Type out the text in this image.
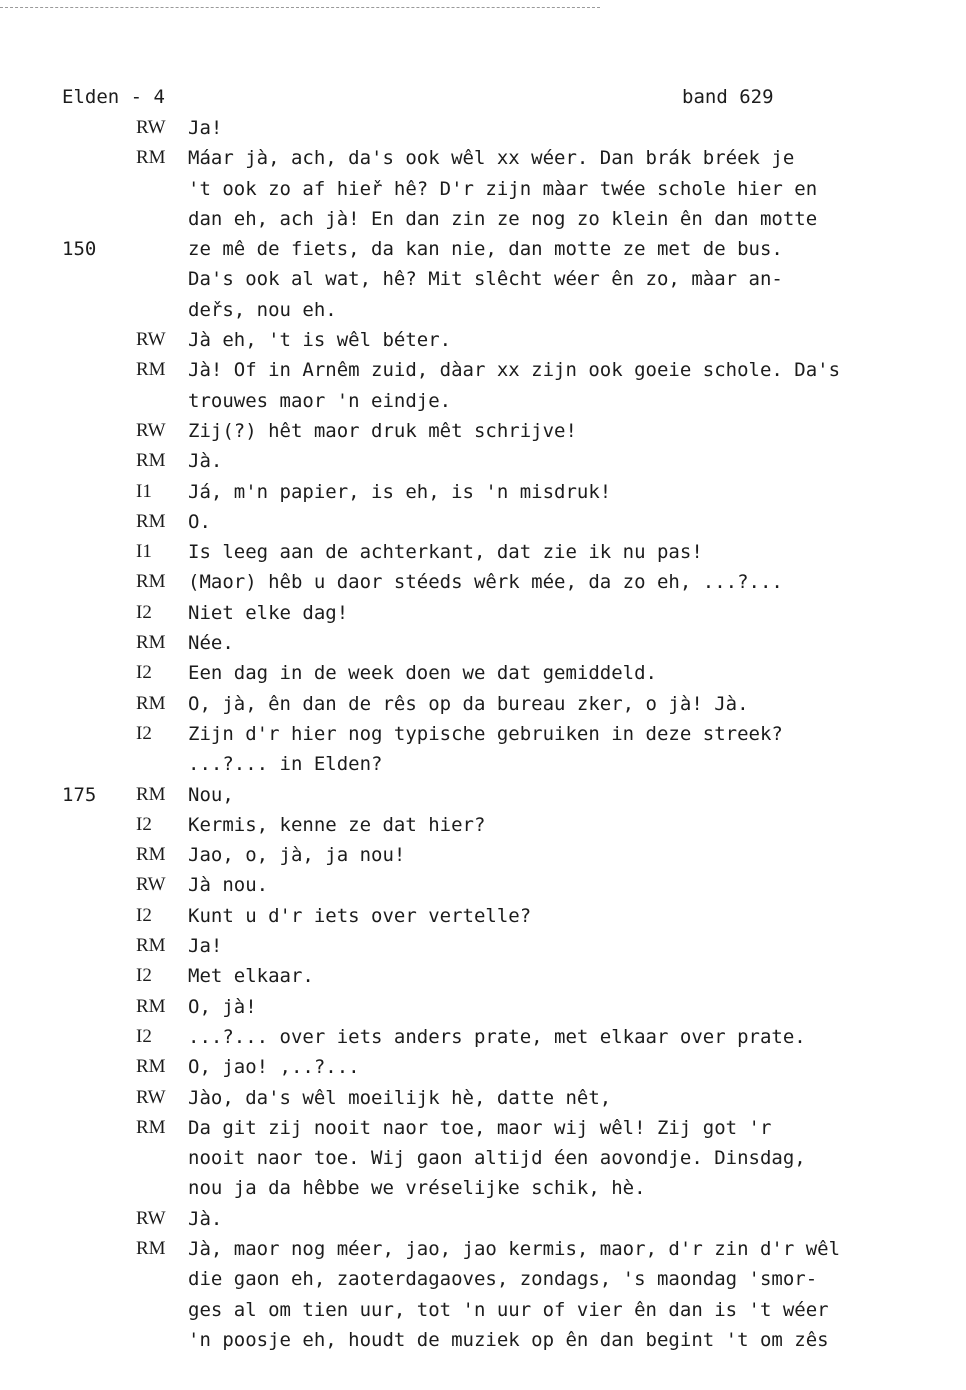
Elden - 4	band 629
RW Ja!
RM Máar jà, ach, da's ook wêl xx wéer. Dan brák bréek je
't ook zo af hieř hê? D'r zijn màar twée schole hier en
dan eh, ach jà! En dan zin ze nog zo klein ên dan motte
150	ze mê de fiets, da kan nie, dan motte ze met de bus.
Da's ook al wat, hê? Mit slêcht wéer ên zo, màar an-
deřs, nou eh.
RW Jà eh, 't is wêl béter.
RM Jà! Of in Arnêm zuid, dàar xx zijn ook goeie schole. Da's
trouwes maor 'n eindje.
RW Zij(?) hêt maor druk mêt schrijve!
RM Jà.
I1 Já, m'n papier, is eh, is 'n misdruk!
RM O.
I1 Is leeg aan de achterkant, dat zie ik nu pas!
RM (Maor) hêb u daor stéeds wêrk mée, da zo eh, ...?...
I2 Niet elke dag!
RM Née.
I2 Een dag in de week doen we dat gemiddeld.
RM O, jà, ên dan de rês op da bureau zker, o jà! Jà.
I2 Zijn d'r hier nog typische gebruiken in deze streek?
...?... in Elden?
175 RM Nou,
I2 Kermis, kenne ze dat hier?
RM Jao, o, jà, ja nou!
RW Jà nou.
I2 Kunt u d'r iets over vertelle?
RM Ja!
I2 Met elkaar.
RM O, jà!
I2 ...?... over iets anders prate, met elkaar over prate.
RM O, jao! ,..?...
RW Jào, da's wêl moeilijk hè, datte nêt,
RM Da git zij nooit naor toe, maor wij wêl! Zij got 'r
nooit naor toe. Wij gaon altijd éen aovondje. Dinsdag,
nou ja da hêbbe we vréselijke schik, hè.
RW Jà.
RM Jà, maor nog méer, jao, jao kermis, maor, d'r zin d'r wêl
die gaon eh, zaoterdagaoves, zondags, 's maondag 'smor-
ges al om tien uur, tot 'n uur of vier ên dan is 't wéer
'n poosje eh, houdt de muziek op ên dan begint 't om zês
